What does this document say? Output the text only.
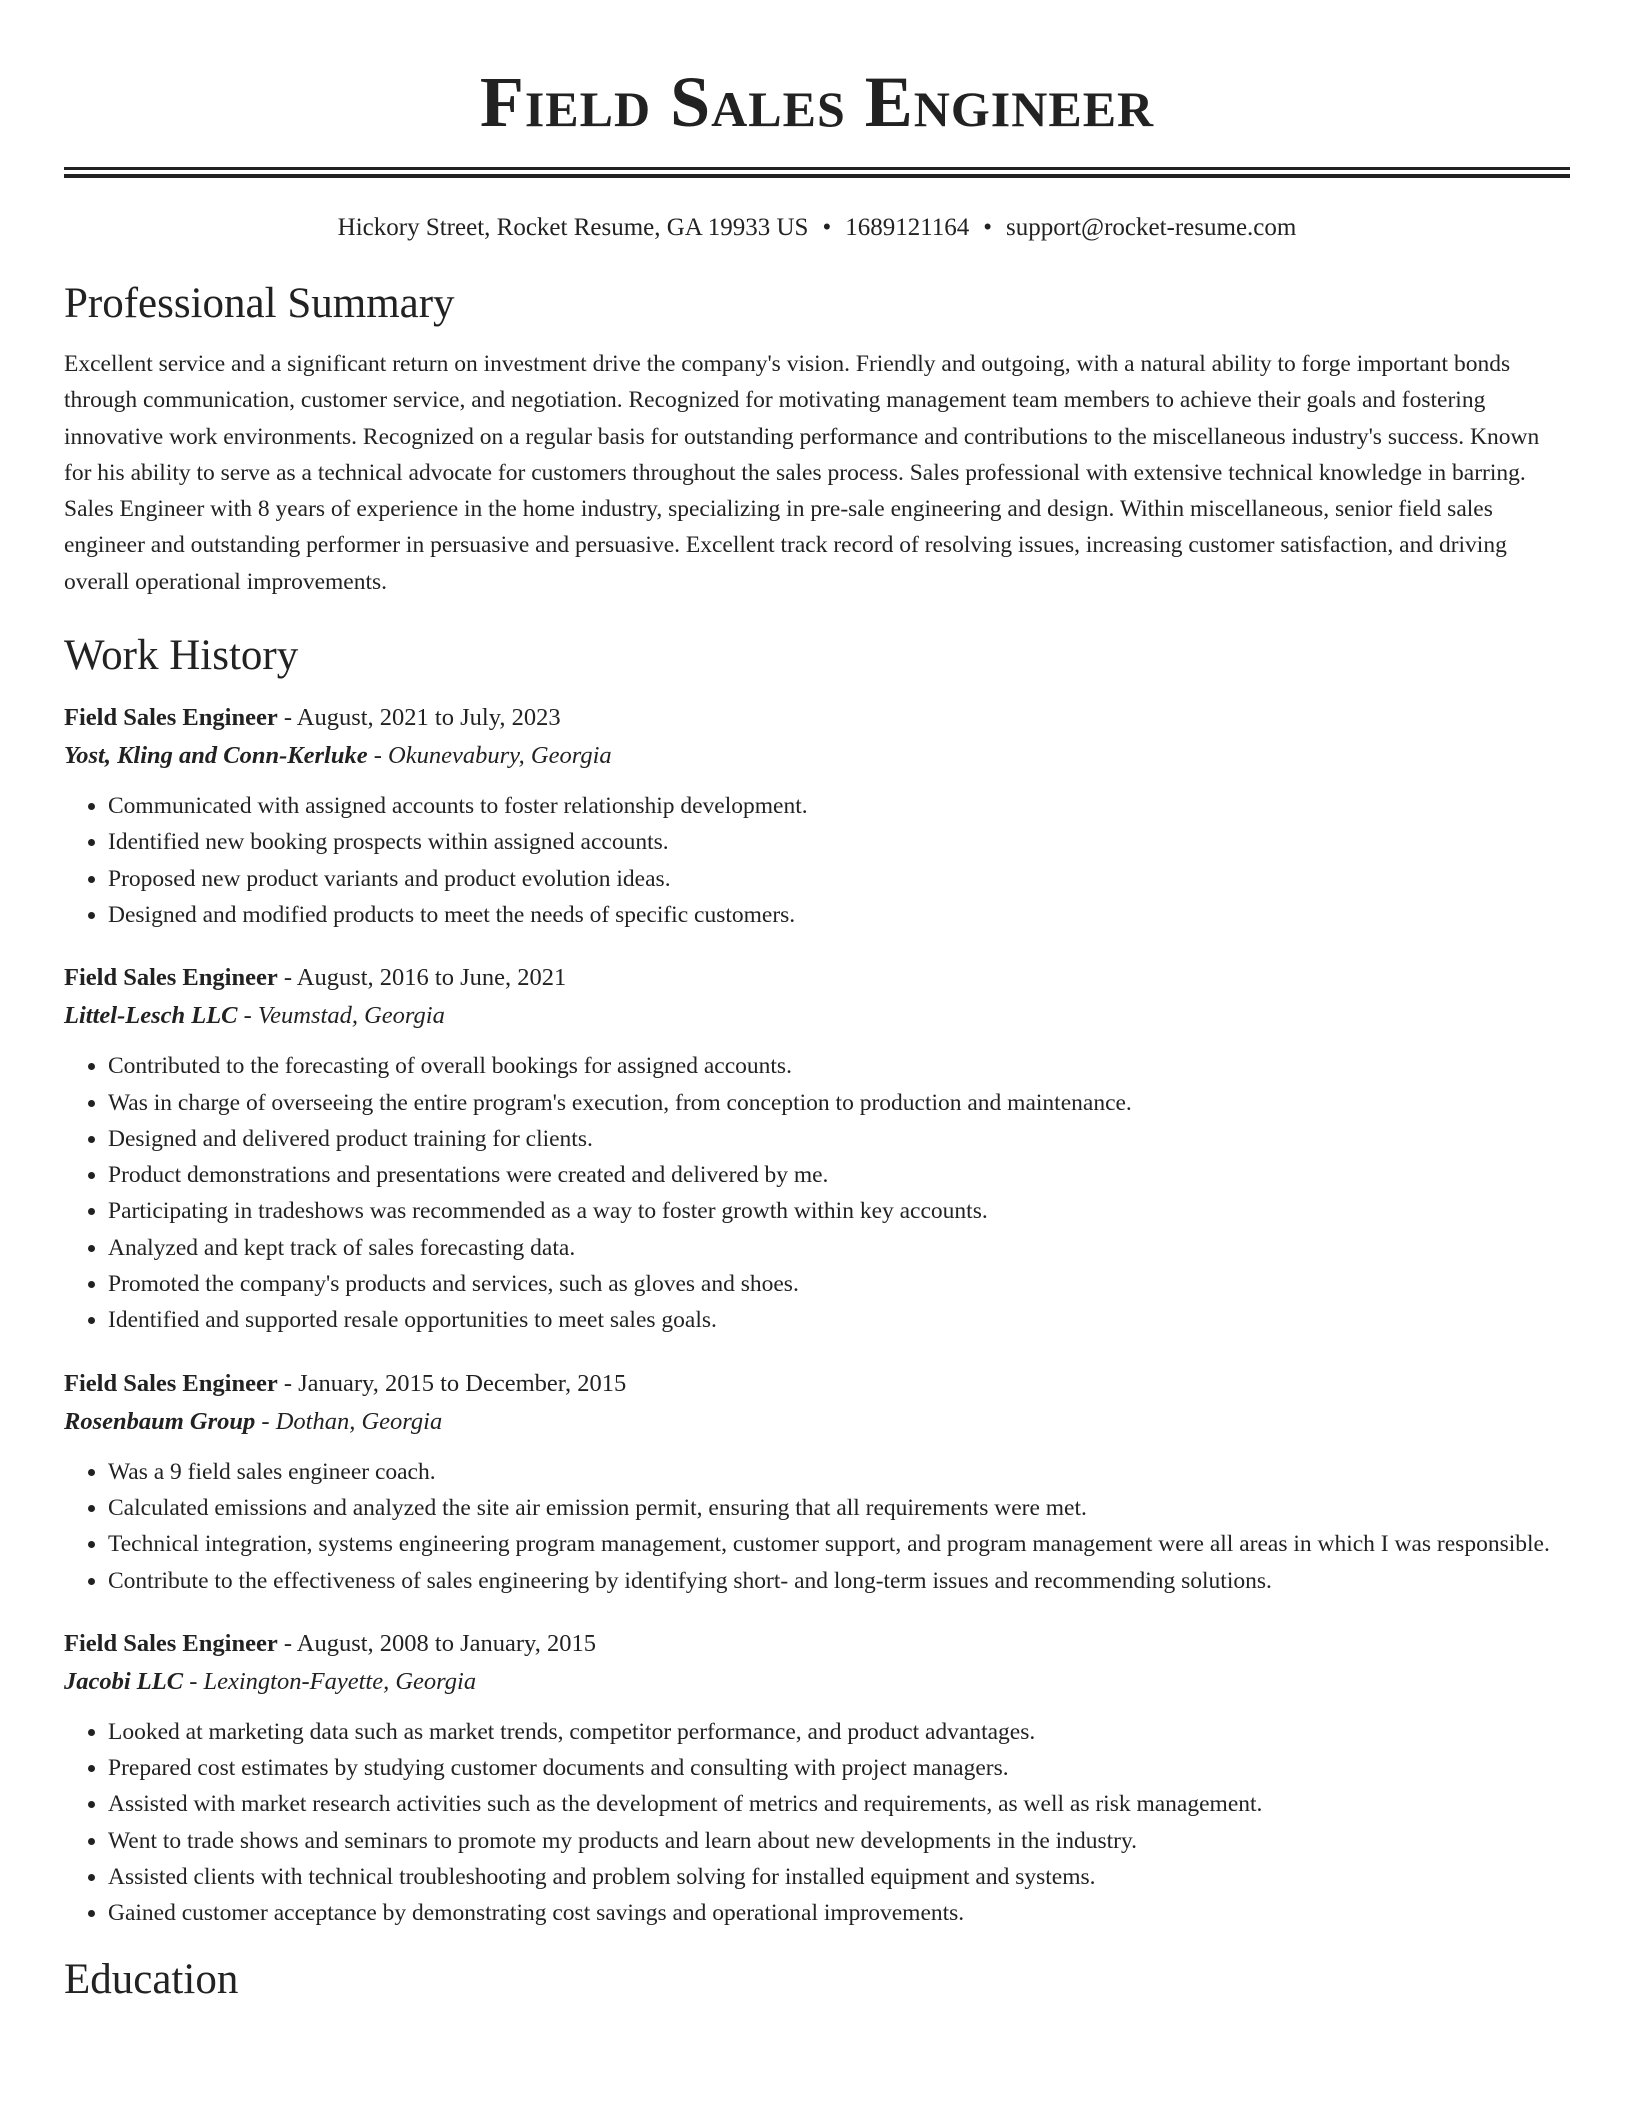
Field Sales Engineer
Hickory Street, Rocket Resume, GA 19933 US • 1689121164 • support@rocket-resume.com
Professional Summary

Excellent service and a significant return on investment drive the company's vision. Friendly and outgoing, with a natural ability to forge important bonds through communication, customer service, and negotiation. Recognized for motivating management team members to achieve their goals and fostering innovative work environments. Recognized on a regular basis for outstanding performance and contributions to the miscellaneous industry's success. Known for his ability to serve as a technical advocate for customers throughout the sales process. Sales professional with extensive technical knowledge in barring. Sales Engineer with 8 years of experience in the home industry, specializing in pre-sale engineering and design. Within miscellaneous, senior field sales engineer and outstanding performer in persuasive and persuasive. Excellent track record of resolving issues, increasing customer satisfaction, and driving overall operational improvements.

Work History
Field Sales Engineer - August, 2021 to July, 2023
Yost, Kling and Conn-Kerluke - Okunevabury, Georgia
• Communicated with assigned accounts to foster relationship development.
• Identified new booking prospects within assigned accounts.
• Proposed new product variants and product evolution ideas.
• Designed and modified products to meet the needs of specific customers.
Field Sales Engineer - August, 2016 to June, 2021
Littel-Lesch LLC - Veumstad, Georgia
• Contributed to the forecasting of overall bookings for assigned accounts.
• Was in charge of overseeing the entire program's execution, from conception to production and maintenance.
• Designed and delivered product training for clients.
• Product demonstrations and presentations were created and delivered by me.
• Participating in tradeshows was recommended as a way to foster growth within key accounts.
• Analyzed and kept track of sales forecasting data.
• Promoted the company's products and services, such as gloves and shoes.
• Identified and supported resale opportunities to meet sales goals.
Field Sales Engineer - January, 2015 to December, 2015
Rosenbaum Group - Dothan, Georgia
• Was a 9 field sales engineer coach.
• Calculated emissions and analyzed the site air emission permit, ensuring that all requirements were met.
• Technical integration, systems engineering program management, customer support, and program management were all areas in which I was responsible.
• Contribute to the effectiveness of sales engineering by identifying short- and long-term issues and recommending solutions.
Field Sales Engineer - August, 2008 to January, 2015
Jacobi LLC - Lexington-Fayette, Georgia
• Looked at marketing data such as market trends, competitor performance, and product advantages.
• Prepared cost estimates by studying customer documents and consulting with project managers.
• Assisted with market research activities such as the development of metrics and requirements, as well as risk management.
• Went to trade shows and seminars to promote my products and learn about new developments in the industry.
• Assisted clients with technical troubleshooting and problem solving for installed equipment and systems.
• Gained customer acceptance by demonstrating cost savings and operational improvements.
Education
